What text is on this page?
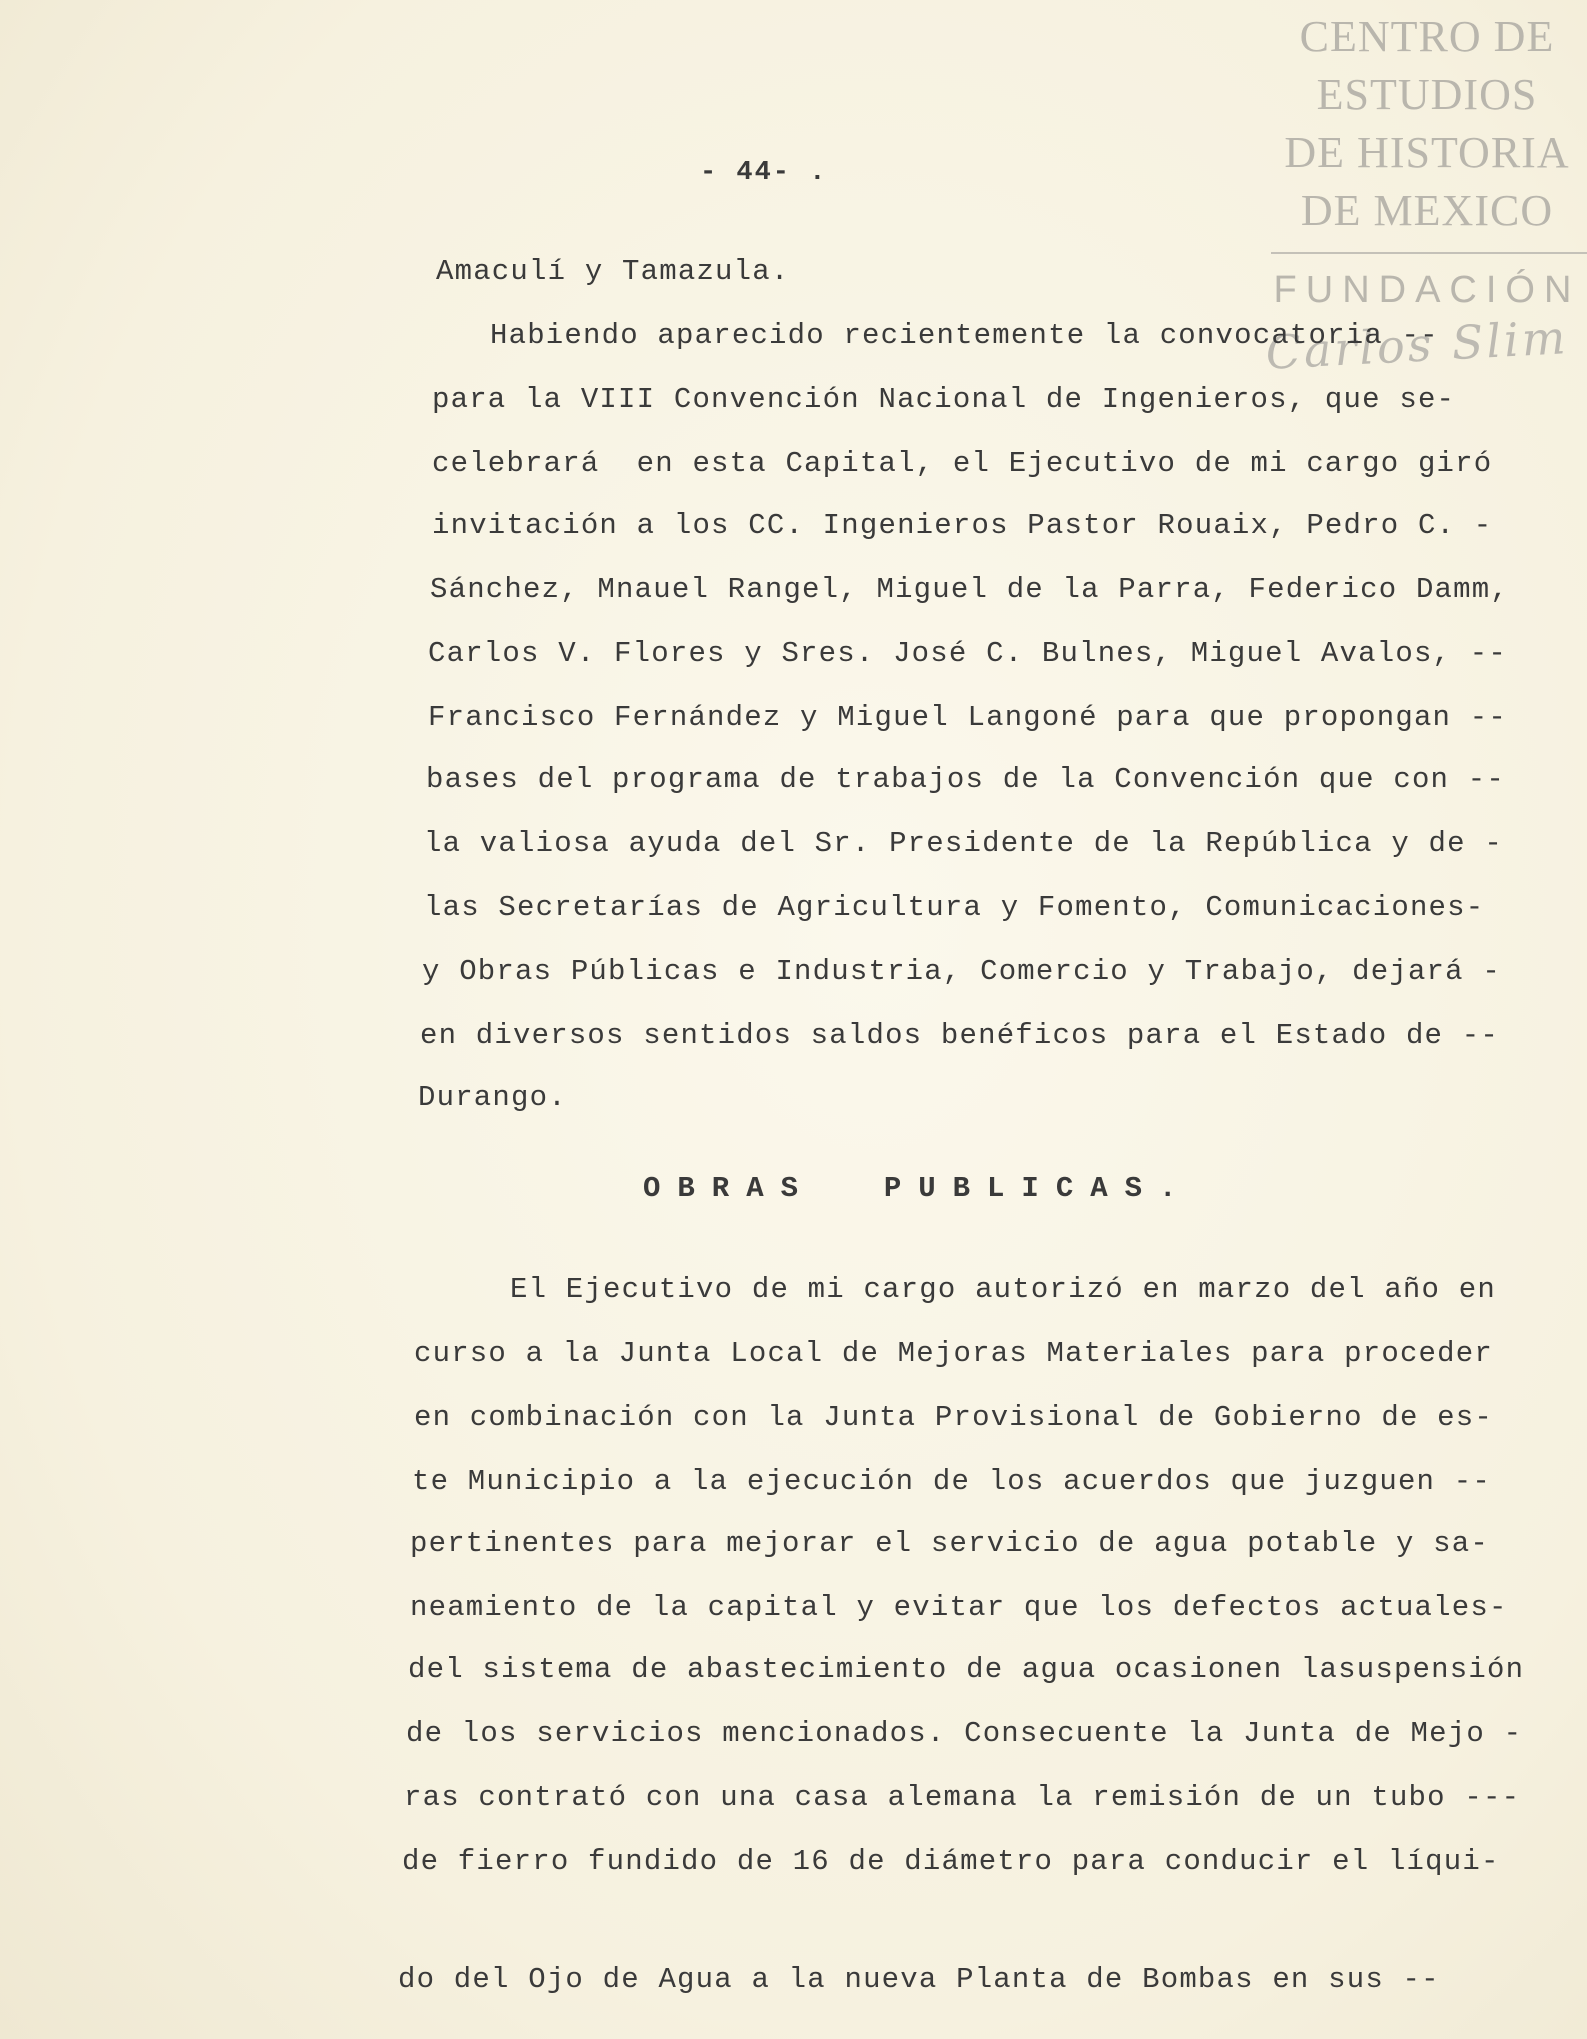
CENTRO DE
ESTUDIOS
DE HISTORIA
DE MEXICO
FUNDACIÓN
Carlos Slim
- 44- .
Amaculí y Tamazula.
Habiendo aparecido recientemente la convocatoria --
para la VIII Convención Nacional de Ingenieros, que se-
celebrará  en esta Capital, el Ejecutivo de mi cargo giró
invitación a los CC. Ingenieros Pastor Rouaix, Pedro C. -
Sánchez, Mnauel Rangel, Miguel de la Parra, Federico Damm,
Carlos V. Flores y Sres. José C. Bulnes, Miguel Avalos, --
Francisco Fernández y Miguel Langoné para que propongan --
bases del programa de trabajos de la Convención que con --
la valiosa ayuda del Sr. Presidente de la República y de -
las Secretarías de Agricultura y Fomento, Comunicaciones-
y Obras Públicas e Industria, Comercio y Trabajo, dejará -
en diversos sentidos saldos benéficos para el Estado de --
Durango.
OBRAS  PUBLICAS.
El Ejecutivo de mi cargo autorizó en marzo del año en
curso a la Junta Local de Mejoras Materiales para proceder
en combinación con la Junta Provisional de Gobierno de es-
te Municipio a la ejecución de los acuerdos que juzguen --
pertinentes para mejorar el servicio de agua potable y sa-
neamiento de la capital y evitar que los defectos actuales-
del sistema de abastecimiento de agua ocasionen lasuspensión
de los servicios mencionados. Consecuente la Junta de Mejo -
ras contrató con una casa alemana la remisión de un tubo ---
de fierro fundido de 16 de diámetro para conducir el líqui-
do del Ojo de Agua a la nueva Planta de Bombas en sus --
